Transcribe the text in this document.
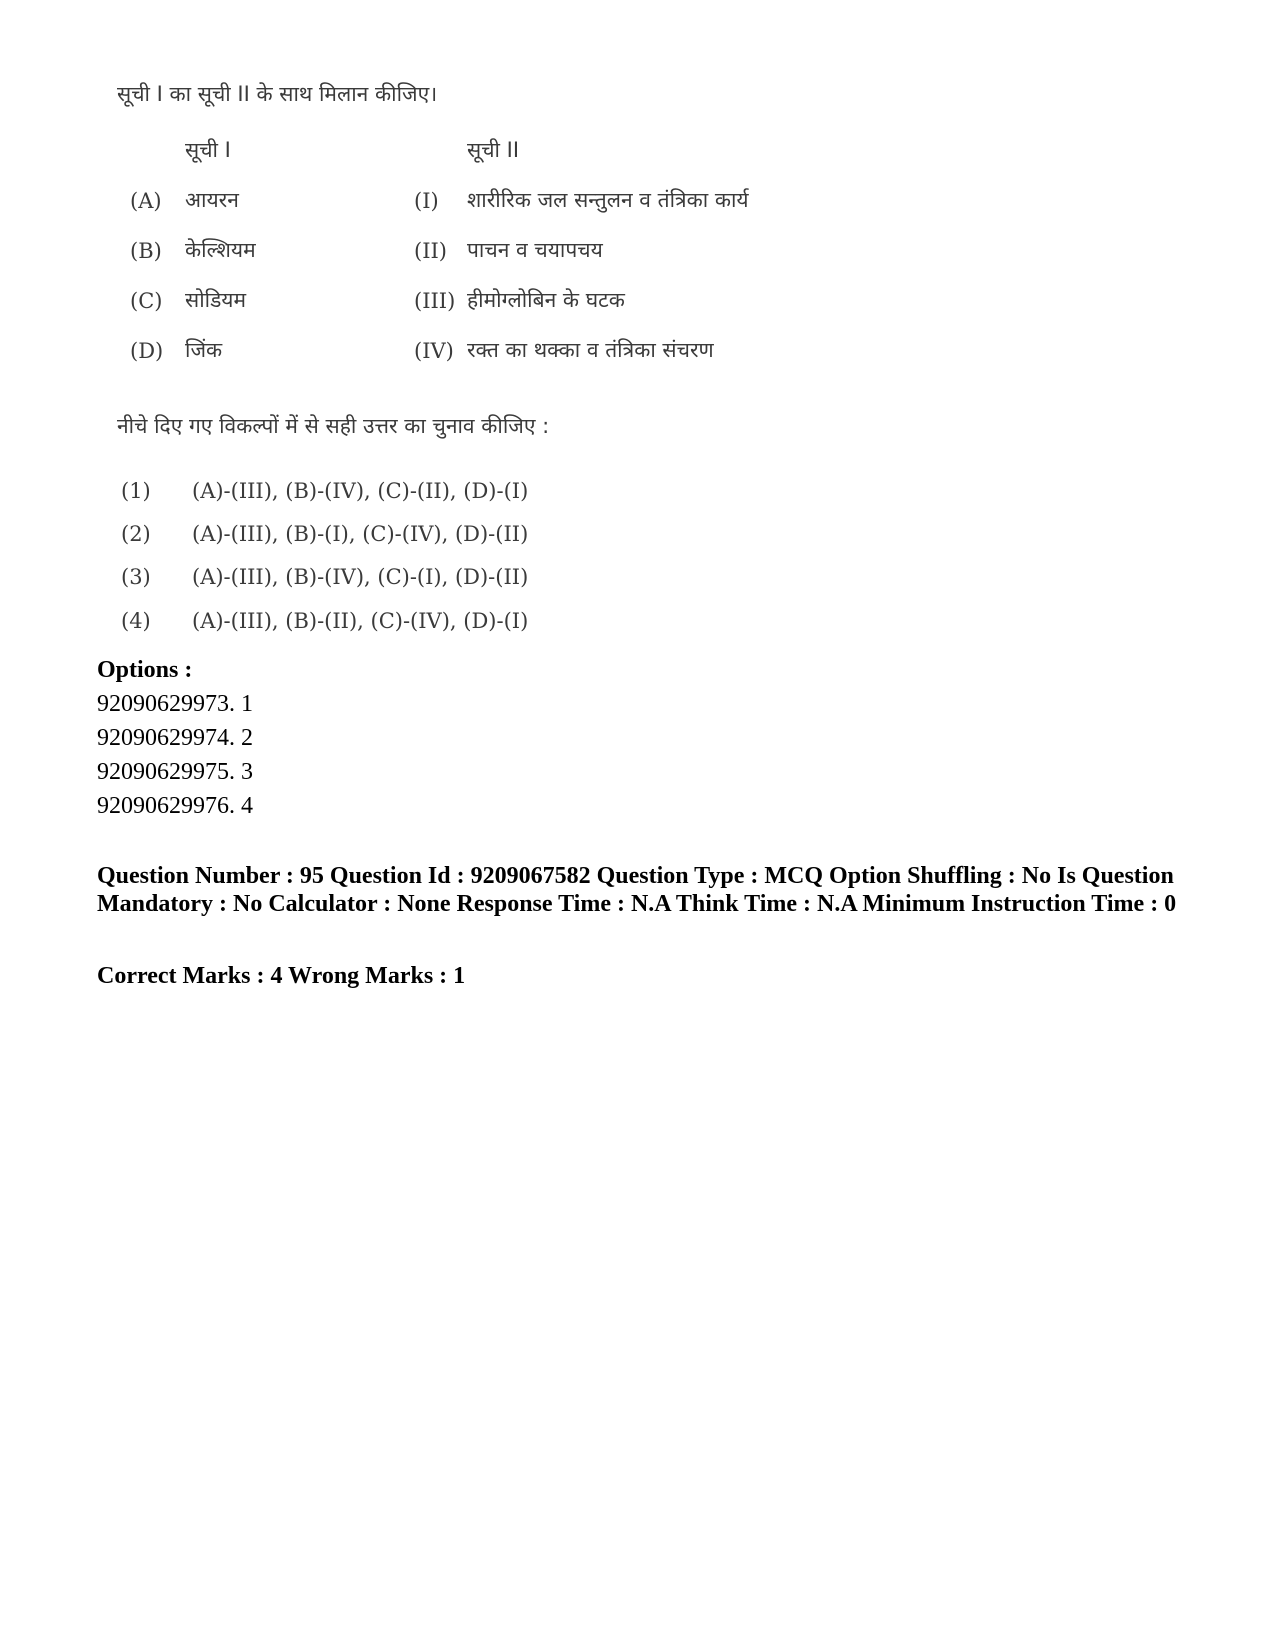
सूची I का सूची II के साथ मिलान कीजिए।
सूची I	सूची II
(A) आयरन	(I) शारीरिक जल सन्तुलन व तंत्रिका कार्य
(B) केल्शियम	(II) पाचन व चयापचय
(C) सोडियम	(III) हीमोग्लोबिन के घटक
(D) जिंक	(IV) रक्त का थक्का व तंत्रिका संचरण
नीचे दिए गए विकल्पों में से सही उत्तर का चुनाव कीजिए :
(1) (A)-(III), (B)-(IV), (C)-(II), (D)-(I)
(2) (A)-(III), (B)-(I), (C)-(IV), (D)-(II)
(3) (A)-(III), (B)-(IV), (C)-(I), (D)-(II)
(4) (A)-(III), (B)-(II), (C)-(IV), (D)-(I)
Options :
92090629973. 1
92090629974. 2
92090629975. 3
92090629976. 4
Question Number : 95 Question Id : 9209067582 Question Type : MCQ Option Shuffling : No Is Question Mandatory : No Calculator : None Response Time : N.A Think Time : N.A Minimum Instruction Time : 0
Correct Marks : 4 Wrong Marks : 1
